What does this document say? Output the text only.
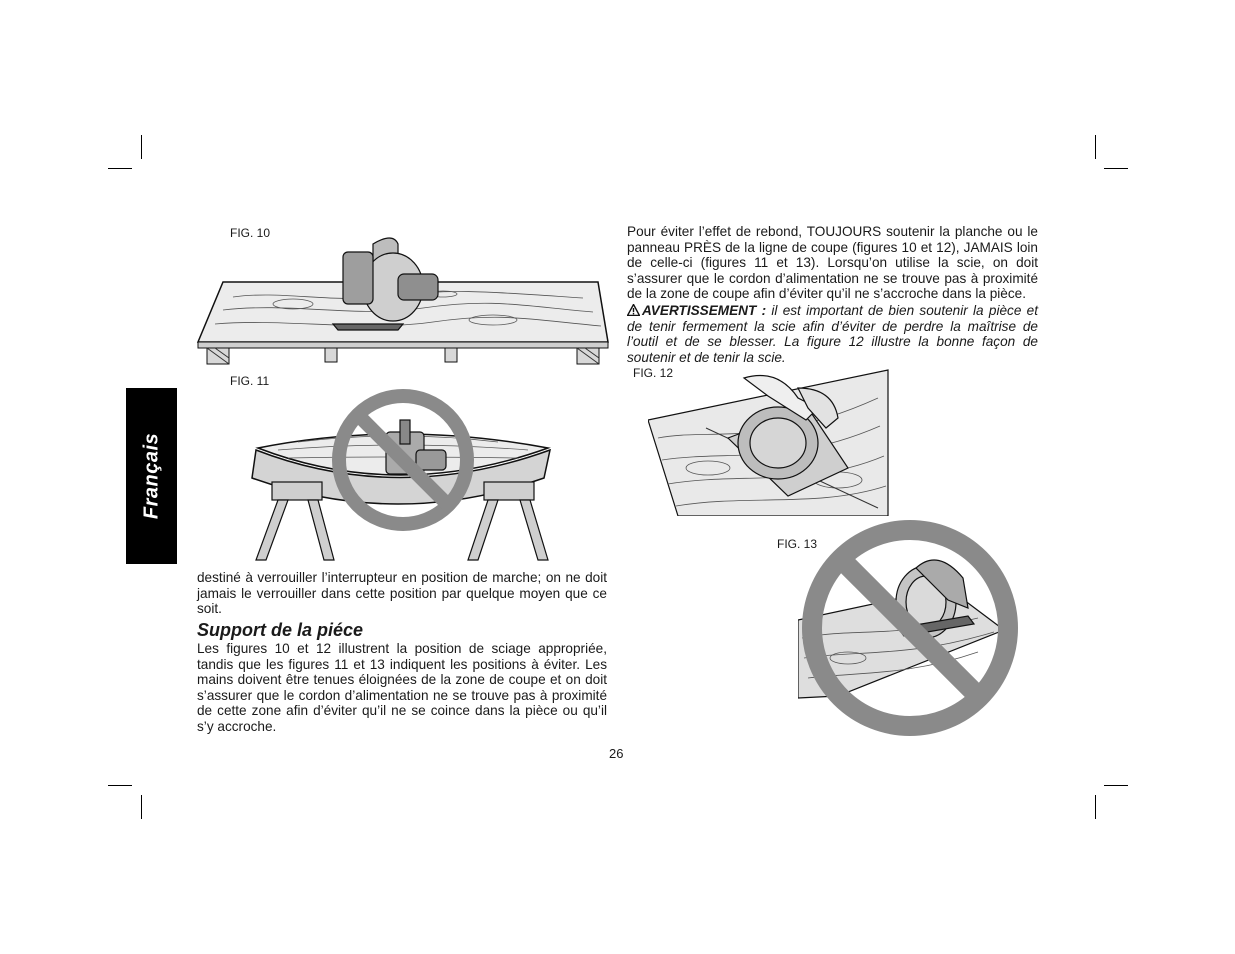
Français
FIG. 10
FIG. 11

destiné à verrouiller l’interrupteur en position de marche; on ne doit jamais le verrouiller dans cette position par quelque moyen que ce soit.

Support de la piéce

Les figures 10 et 12 illustrent la position de sciage appropriée, tandis que les figures 11 et 13 indiquent les positions à éviter. Les mains doivent être tenues éloignées de la zone de coupe et on doit s’assurer que le cordon d’alimentation ne se trouve pas à proximité de cette zone afin d’éviter qu’il ne se coince dans la pièce ou qu’il s’y accroche.

Pour éviter l’effet de rebond, TOUJOURS soutenir la planche ou le panneau PRÈS de la ligne de coupe (figures 10 et 12), JAMAIS loin de celle-ci (figures 11 et 13). Lorsqu’on utilise la scie, on doit s’assurer que le cordon d’alimentation ne se trouve pas à proximité de la zone de coupe afin d’éviter qu’il ne s’accroche dans la pièce.

AVERTISSEMENT : il est important de bien soutenir la pièce et de tenir fermement la scie afin d’éviter de perdre la maîtrise de l’outil et de se blesser. La figure 12 illustre la bonne façon de soutenir et de tenir la scie.

FIG. 12
FIG. 13
26
